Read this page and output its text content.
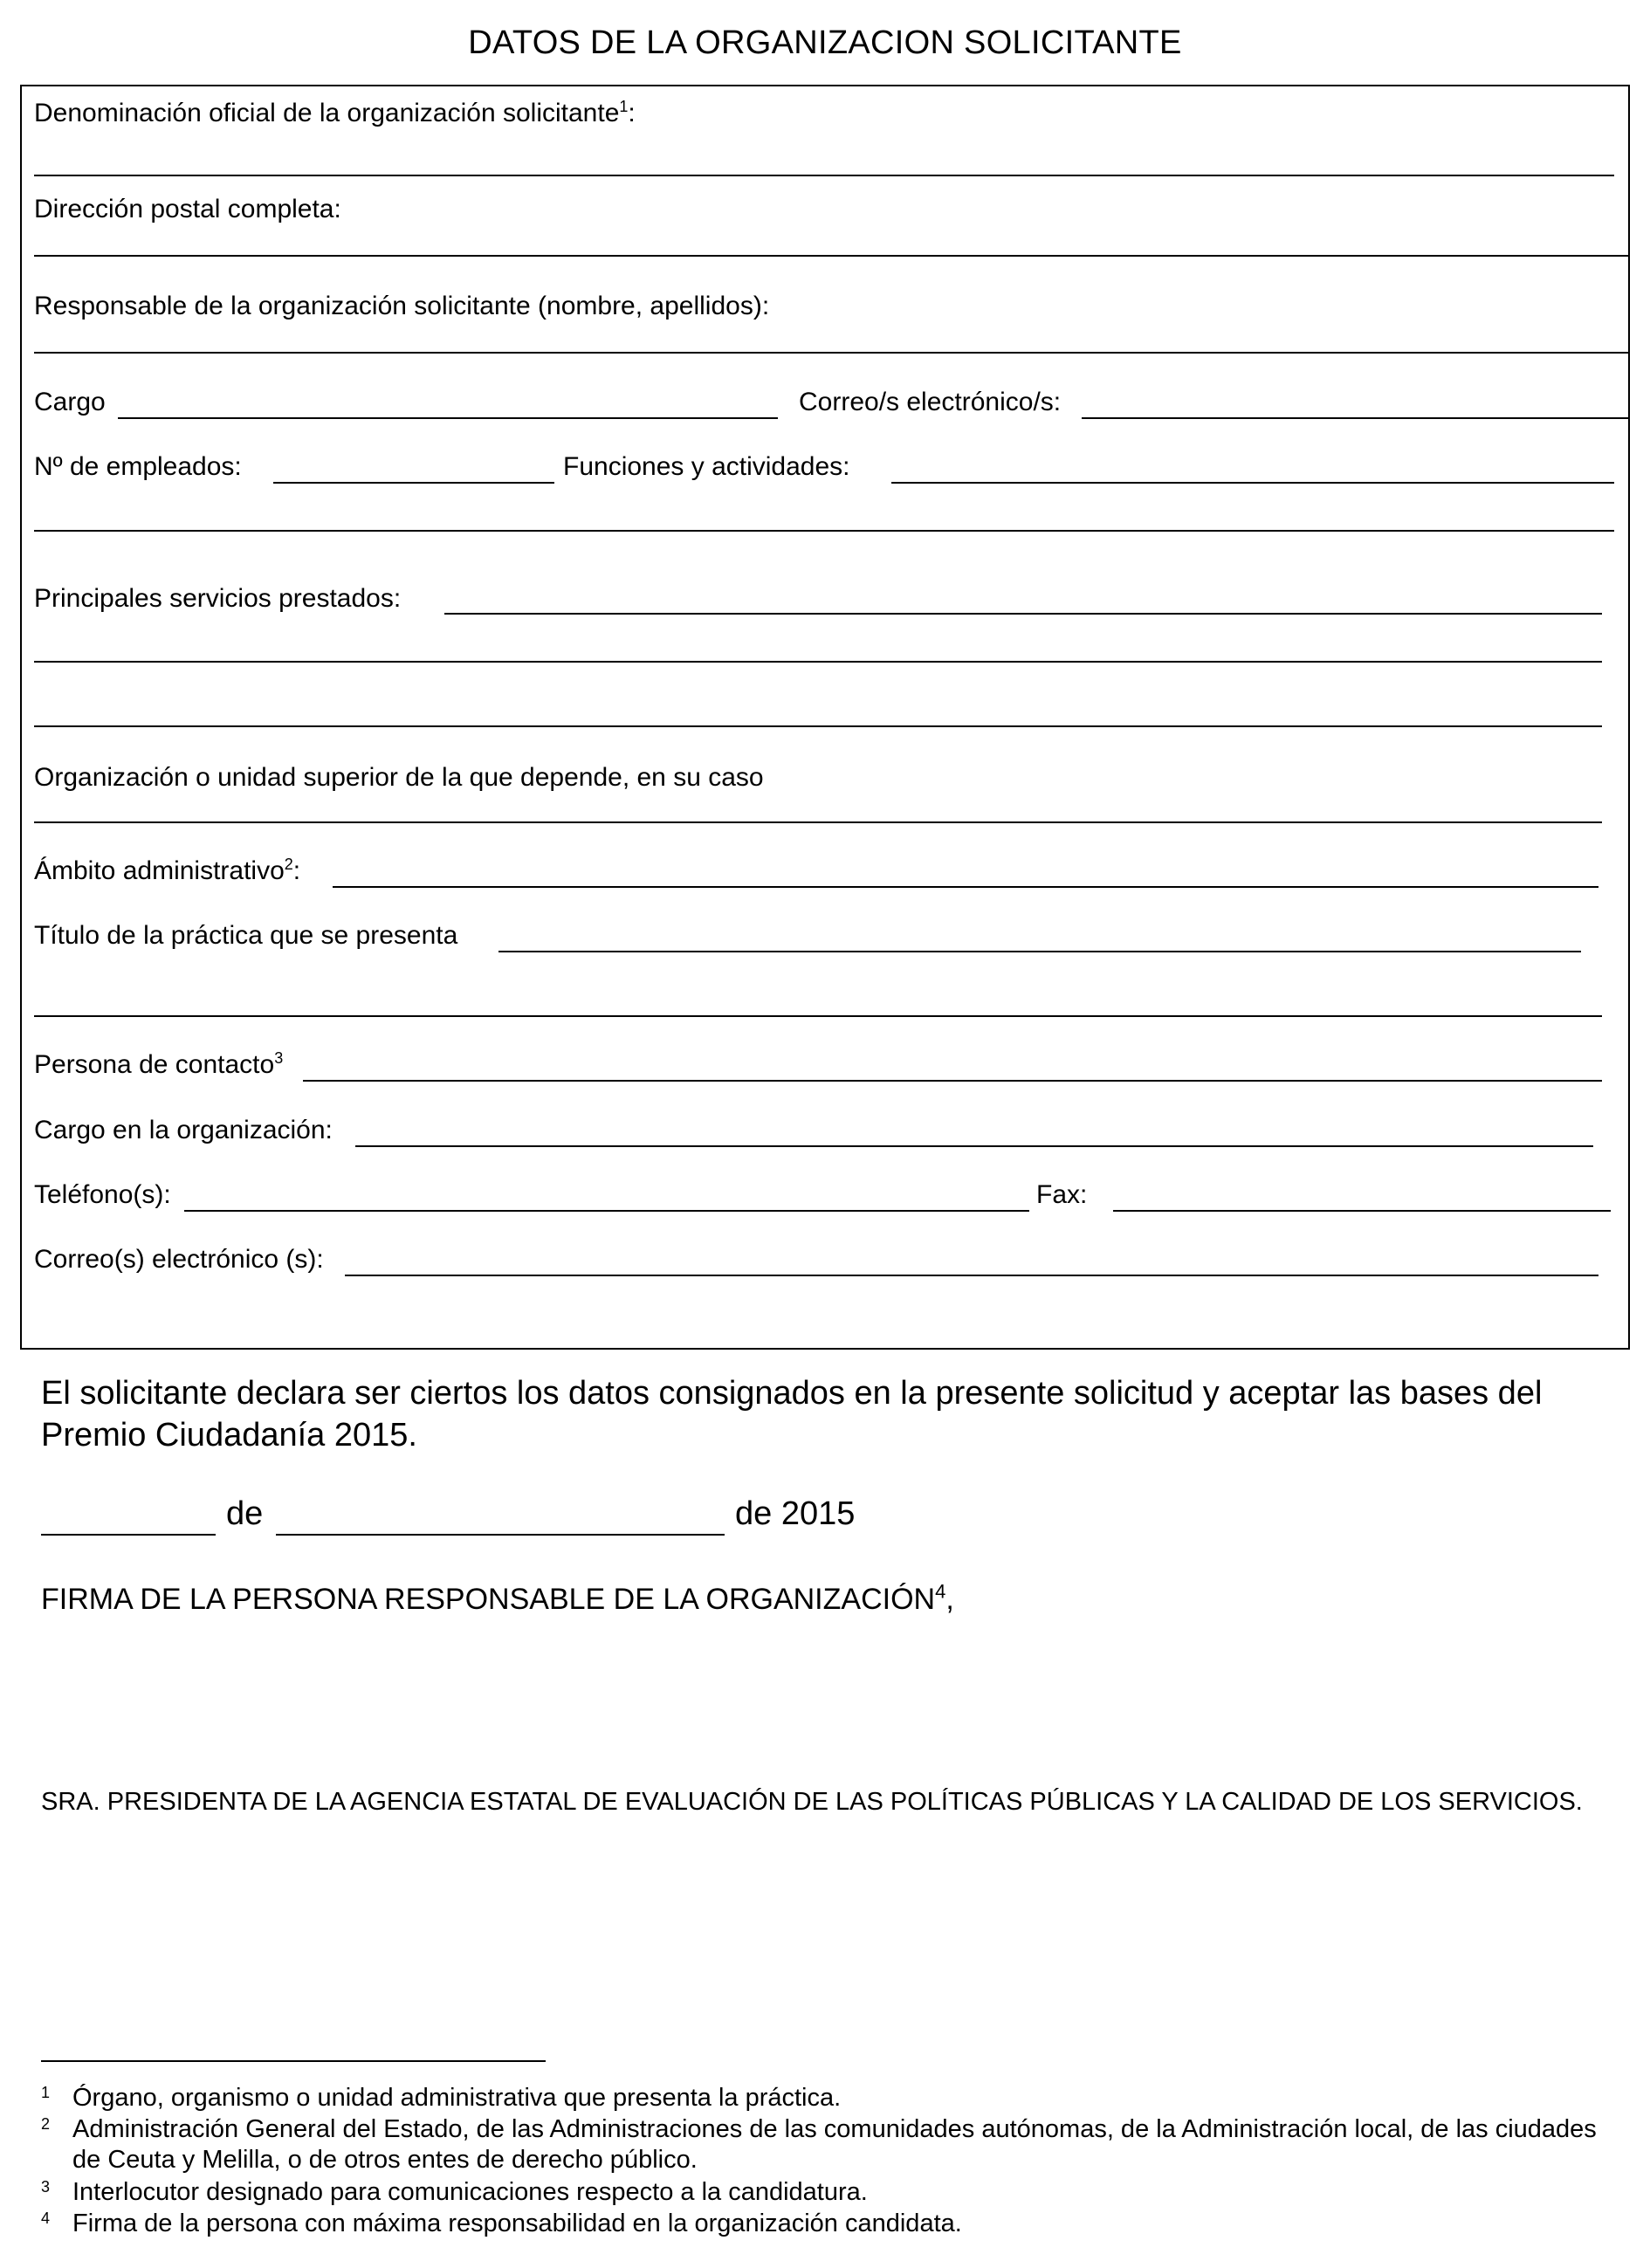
DATOS DE LA ORGANIZACION SOLICITANTE
Denominación oficial de la organización solicitante$^1$:
Dirección postal completa:
Responsable de la organización solicitante (nombre, apellidos):
Cargo	Correo/s electrónico/s:
Nº de empleados:	Funciones y actividades:
Principales servicios prestados:
Organización o unidad superior de la que depende, en su caso
Ámbito administrativo$^2$:
Título de la práctica que se presenta
Persona de contacto$^3$
Cargo en la organización:
Teléfono(s):	Fax:
Correo(s) electrónico (s):
El solicitante declara ser ciertos los datos consignados en la presente solicitud y aceptar las bases del Premio Ciudadanía 2015.
de	de 2015
FIRMA DE LA PERSONA RESPONSABLE DE LA ORGANIZACIÓN$^4$,
SRA. PRESIDENTA DE LA AGENCIA ESTATAL DE EVALUACIÓN DE LAS POLÍTICAS PÚBLICAS Y LA CALIDAD DE LOS SERVICIOS.
1 Órgano, organismo o unidad administrativa que presenta la práctica.
2 Administración General del Estado, de las Administraciones de las comunidades autónomas, de la Administración local, de las ciudades de Ceuta y Melilla, o de otros entes de derecho público.
3 Interlocutor designado para comunicaciones respecto a la candidatura.
4 Firma de la persona con máxima responsabilidad en la organización candidata.
